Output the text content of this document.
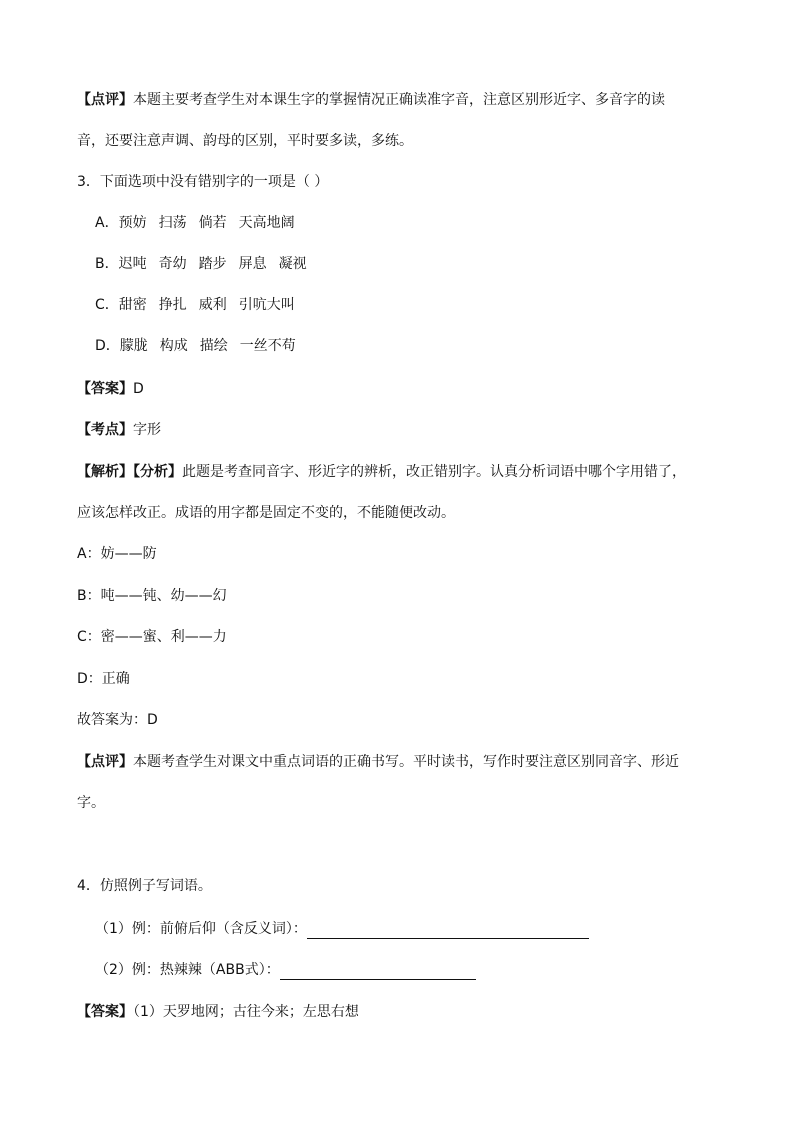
【点评】本题主要考查学生对本课生字的掌握情况正确读准字音，注意区别形近字、多音字的读
音，还要注意声调、韵母的区别，平时要多读，多练。
3．下面选项中没有错别字的一项是（ ）
A．预妨 扫荡 倘若 天高地阔
B．迟吨 奇幼 踏步 屏息 凝视
C．甜密 挣扎 威利 引吭大叫
D．朦胧 构成 描绘 一丝不苟
【答案】D
【考点】字形
【解析】【分析】此题是考查同音字、形近字的辨析，改正错别字。认真分析词语中哪个字用错了，
应该怎样改正。成语的用字都是固定不变的，不能随便改动。
A：妨——防
B：吨——钝、幼——幻
C：密——蜜、利——力
D：正确
故答案为：D
【点评】本题考查学生对课文中重点词语的正确书写。平时读书，写作时要注意区别同音字、形近
字。
4．仿照例子写词语。
（1）例：前俯后仰（含反义词）：
（2）例：热辣辣（ABB式）：
【答案】（1）天罗地网；古往今来；左思右想
